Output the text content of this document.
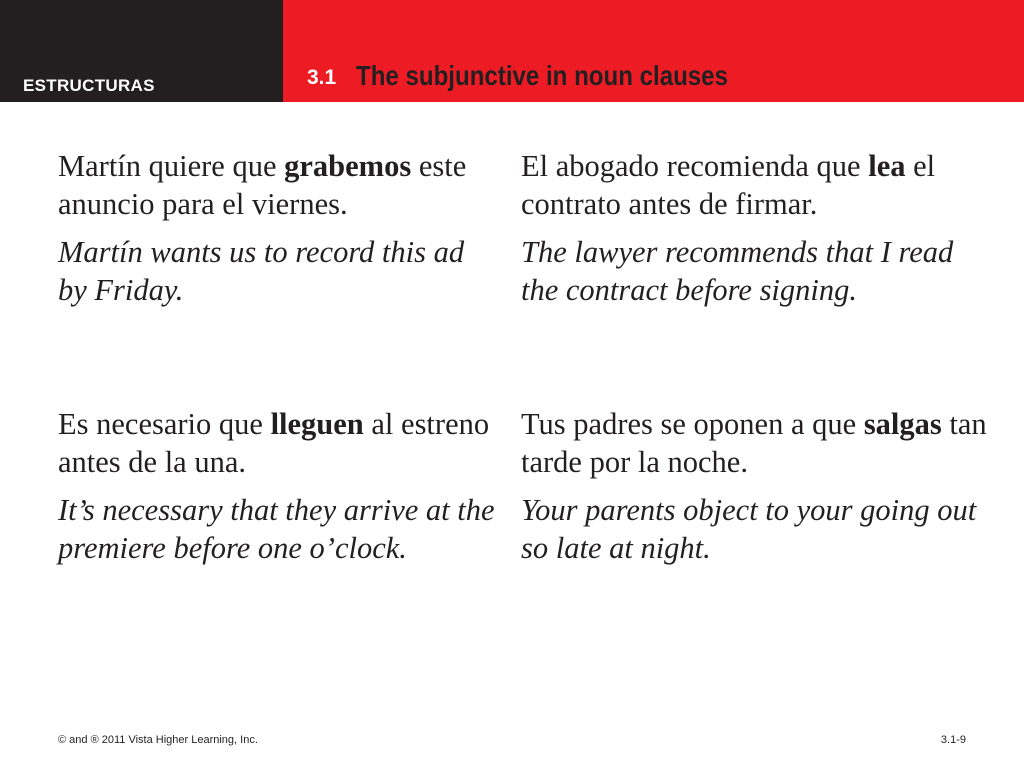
ESTRUCTURAS	3.1 The subjunctive in noun clauses

Martín quiere que grabemos este anuncio para el viernes.

Martín wants us to record this ad by Friday.

El abogado recomienda que lea el contrato antes de firmar.

The lawyer recommends that I read the contract before signing.

Es necesario que lleguen al estreno antes de la una.

It’s necessary that they arrive at the premiere before one o’clock.

Tus padres se oponen a que salgas tan tarde por la noche.

Your parents object to your going out so late at night.

© and ® 2011 Vista Higher Learning, Inc.	3.1-9
